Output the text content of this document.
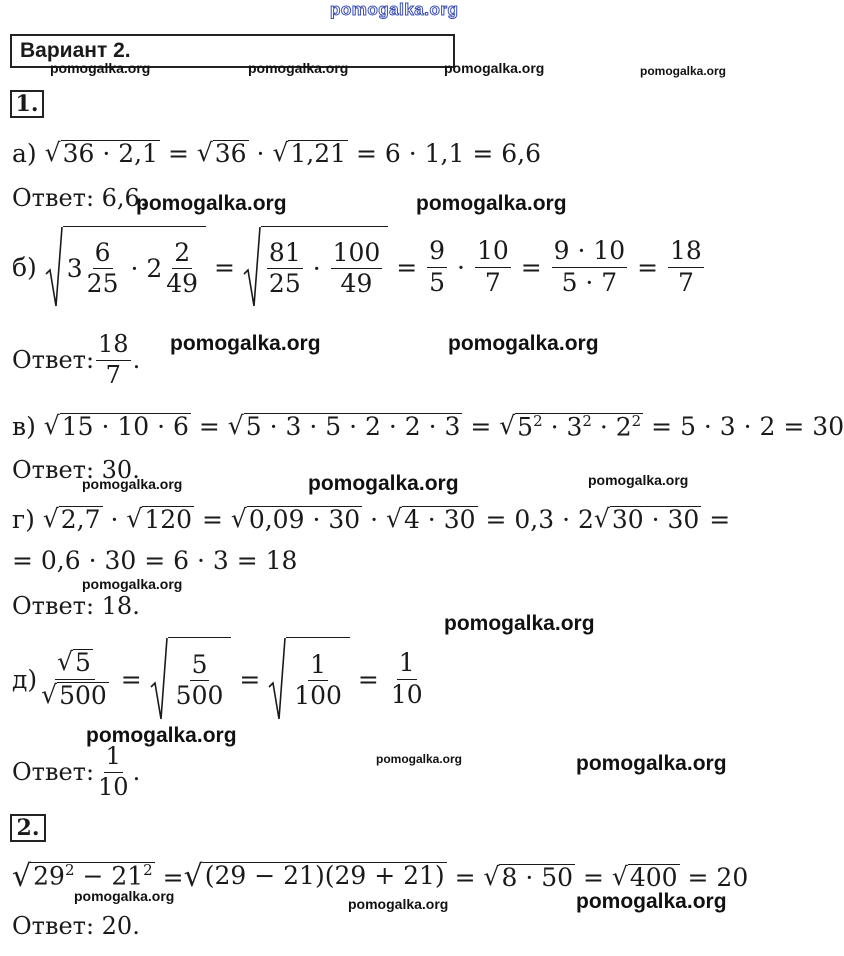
pomogalka.org
Вариант 2.
1.
а)
√ 36 · 2,1
=
√ 36
·
√ 1,21
= 6 · 1,1 = 6,6
Ответ: 6,6.
б)
$3 \frac{6}{25}$
·
$2 \frac{2}{49}$
=
$\frac{81}{25}$
·
$\frac{100}{49}$
=
$\frac{9}{5}$
·
$\frac{10}{7}$
=
$\frac{9 \cdot 10}{5 \cdot 7}$
=
$\frac{18}{7}$
Ответ: $\frac{18}{7}$ .
в)
√ 15 · 10 · 6
=
√ 5 · 3 · 5 · 2 · 2 · 3
=
√ $5^2 \cdot 3^2 \cdot 2^2$
= 5 · 3 · 2 = 30
Ответ: 30.
г)
√ 2,7
·
√ 120
=
√ 0,09 · 30
·
√ 4 · 30
= 0,3 · 2 √ 30 · 30
=
= 0,6 · 30 = 6 · 3 = 18
Ответ: 18.
$д) \frac{√ 5}{√ 500}$
=
$\frac{5}{500}$
=
$\frac{1}{100}$
=
$\frac{1}{10}$
Ответ: $\frac{1}{10}$ .
2.
√ $29^2 - 21^2$
= √ (29 − 21)(29 + 21)
=
√ 8 · 50
=
√ 400
= 20
Ответ: 20.
pomogalka.org	pomogalka.org	pomogalka.org	pomogalka.org
pomogalka.org	pomogalka.org
pomogalka.org	pomogalka.org
pomogalka.org	pomogalka.org	pomogalka.org
pomogalka.org
pomogalka.org
pomogalka.org
pomogalka.org	pomogalka.org
pomogalka.org	pomogalka.org	pomogalka.org
